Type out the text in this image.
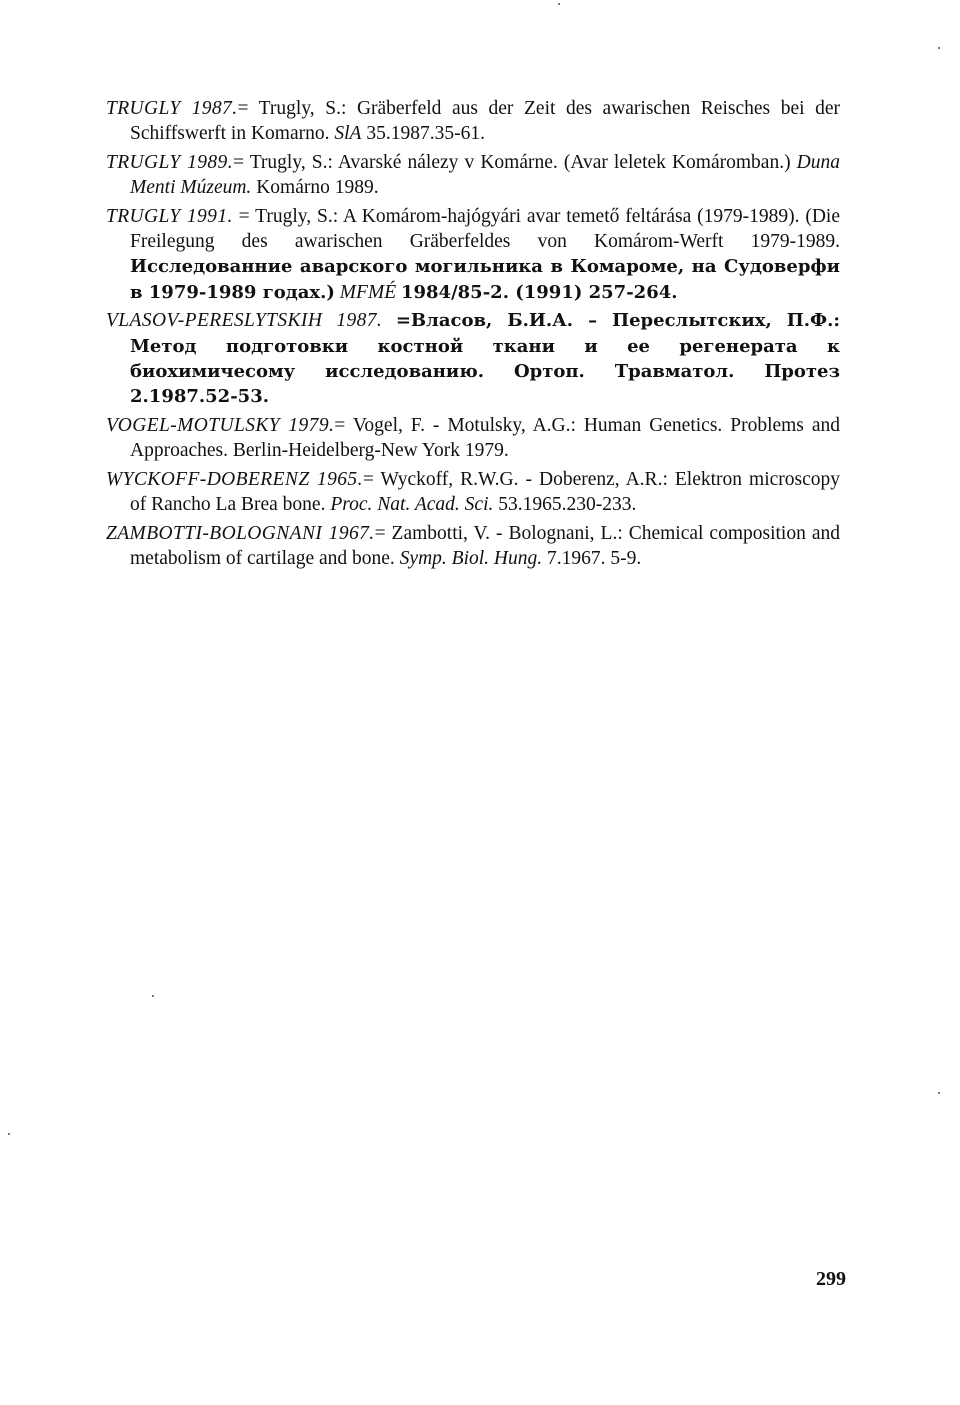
TRUGLY 1987.= Trugly, S.: Gräberfeld aus der Zeit des awarischen Reisches bei der Schiffswerft in Komarno. SlA 35.1987.35-61.

TRUGLY 1989.= Trugly, S.: Avarské nálezy v Komárne. (Avar leletek Komáromban.) Duna Menti Múzeum. Komárno 1989.

TRUGLY 1991. = Trugly, S.: A Komárom-hajógyári avar temető feltárása (1979-1989). (Die Freilegung des awarischen Gräberfeldes von Komárom-Werft 1979-1989. Исследованние аварского могильника в Комароме, на Судоверфи в 1979-1989 годах.) MFMÉ 1984/85-2. (1991) 257-264.

VLASOV-PERESLYTSKIH 1987. =Власов, Б.И.А. – Переслытских, П.Ф.: Метод подготовки костной ткани и ее регенерата к биохимичесому исследованию. Ортоп. Травматол. Протез 2.1987.52-53.

VOGEL-MOTULSKY 1979.= Vogel, F. - Motulsky, A.G.: Human Genetics. Problems and Approaches. Berlin-Heidelberg-New York 1979.

WYCKOFF-DOBERENZ 1965.= Wyckoff, R.W.G. - Doberenz, A.R.: Elektron microscopy of Rancho La Brea bone. Proc. Nat. Acad. Sci. 53.1965.230-233.

ZAMBOTTI-BOLOGNANI 1967.= Zambotti, V. - Bolognani, L.: Chemical composition and metabolism of cartilage and bone. Symp. Biol. Hung. 7.1967. 5-9.

299
